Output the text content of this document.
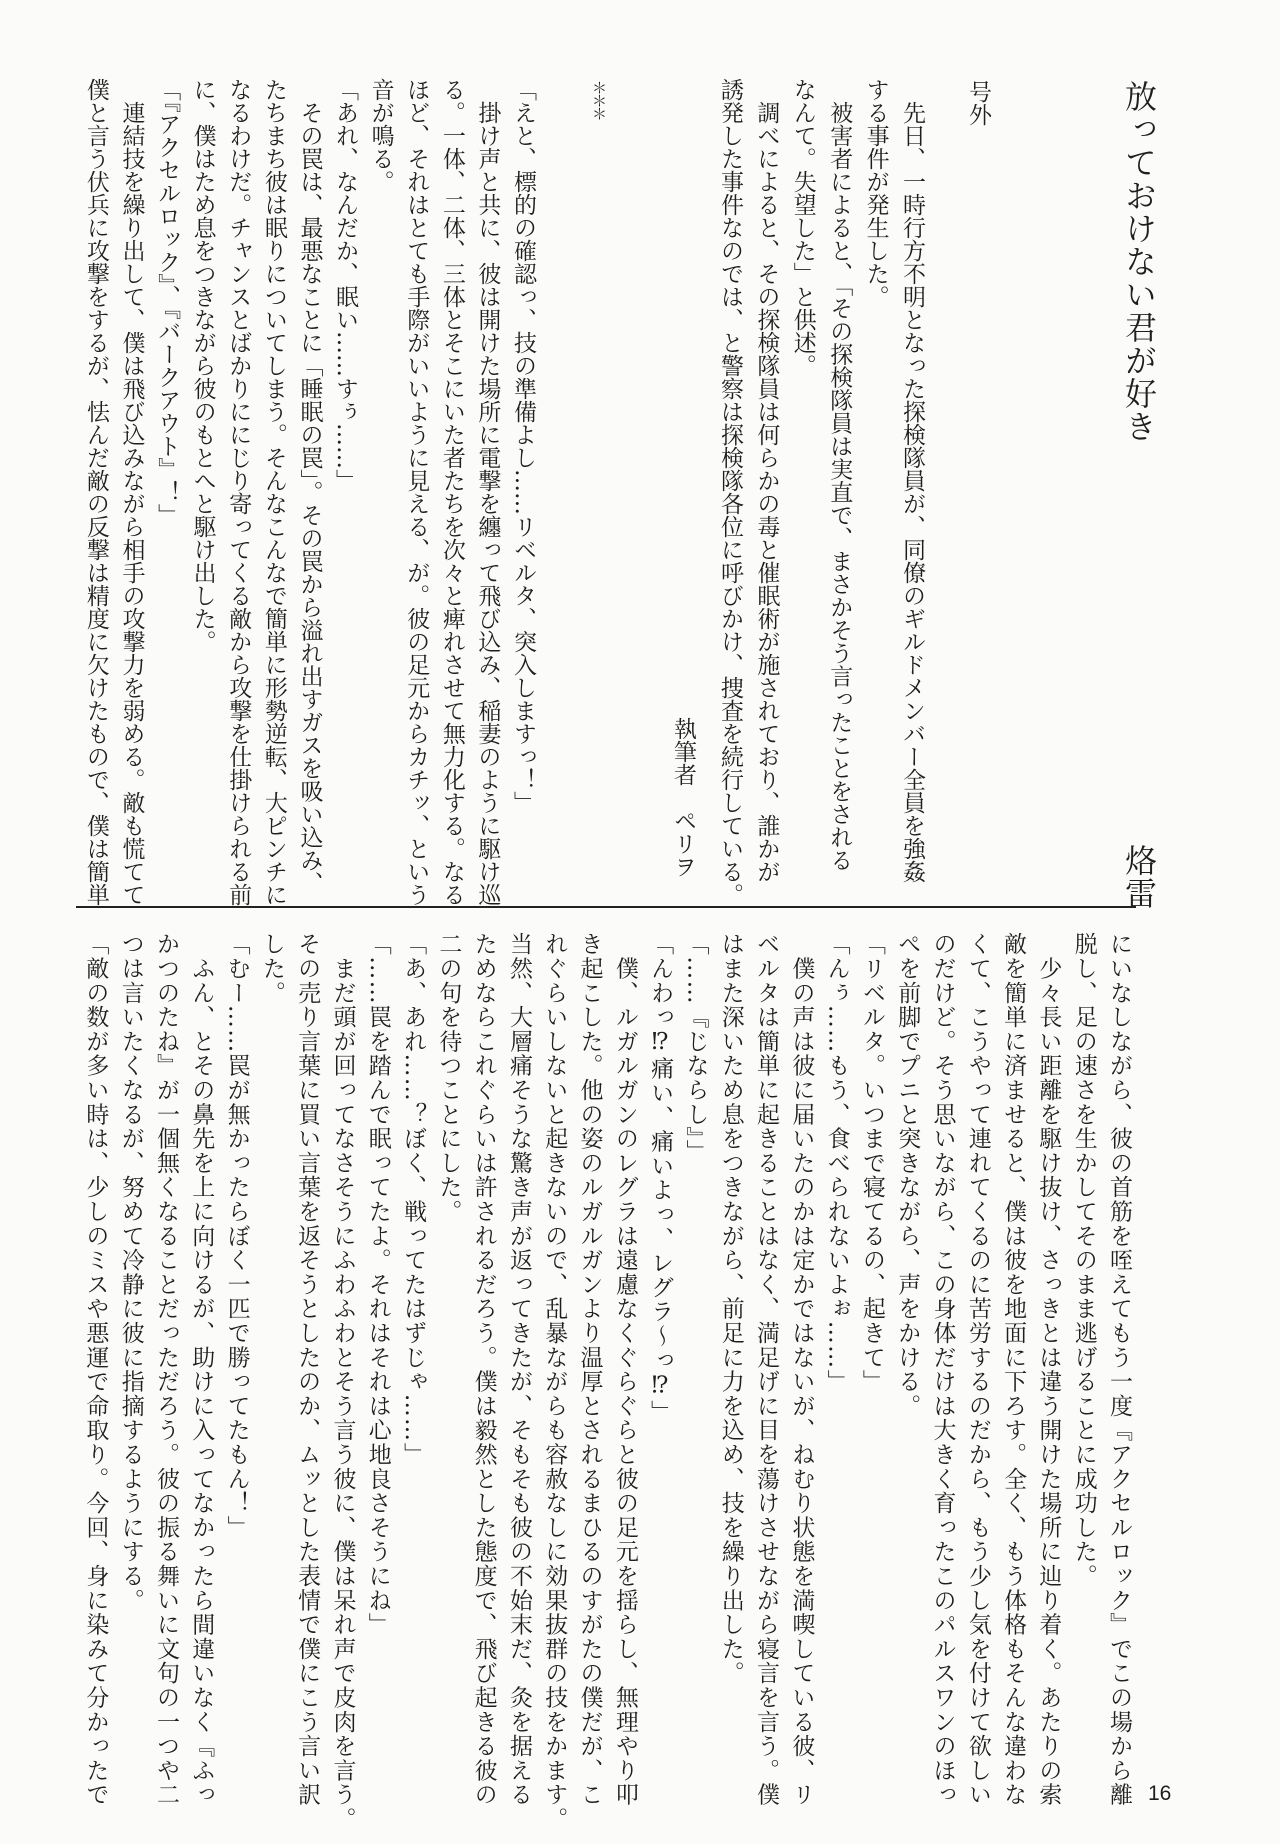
放っておけない君が好き
烙雷
号外
　先日、一時行方不明となった探検隊員が、同僚のギルドメンバー全員を強姦
する事件が発生した。
　被害者によると、「その探検隊員は実直で、まさかそう言ったことをされる
なんて。失望した」と供述。
　調べによると、その探検隊員は何らかの毒と催眠術が施されており、誰かが
誘発した事件なのでは、と警察は探検隊各位に呼びかけ、捜査を続行している。
執筆者　ペリヲ
＊＊＊
「えと、標的の確認っ、技の準備よし……リベルタ、突入しますっ！」
　掛け声と共に、彼は開けた場所に電撃を纏って飛び込み、稲妻のように駆け巡
る。一体、二体、三体とそこにいた者たちを次々と痺れさせて無力化する。なる
ほど、それはとても手際がいいように見える、が。彼の足元からカチッ、という
音が鳴る。
「あれ、なんだか、眠い……すぅ……」
　その罠は、最悪なことに「睡眠の罠」。その罠から溢れ出すガスを吸い込み、
たちまち彼は眠りについてしまう。そんなこんなで簡単に形勢逆転、大ピンチに
なるわけだ。チャンスとばかりににじり寄ってくる敵から攻撃を仕掛けられる前
に、僕はため息をつきながら彼のもとへと駆け出した。
「『アクセルロック』、『バークアウト』！」
　連結技を繰り出して、僕は飛び込みながら相手の攻撃力を弱める。敵も慌てて
僕と言う伏兵に攻撃をするが、怯んだ敵の反撃は精度に欠けたもので、僕は簡単
にいなしながら、彼の首筋を咥えてもう一度『アクセルロック』でこの場から離
脱し、足の速さを生かしてそのまま逃げることに成功した。
　少々長い距離を駆け抜け、さっきとは違う開けた場所に辿り着く。あたりの索
敵を簡単に済ませると、僕は彼を地面に下ろす。全く、もう体格もそんな違わな
くて、こうやって連れてくるのに苦労するのだから、もう少し気を付けて欲しい
のだけど。そう思いながら、この身体だけは大きく育ったこのパルスワンのほっ
ぺを前脚でプニと突きながら、声をかける。
「リベルタ。いつまで寝てるの、起きて」
「んぅ……もう、食べられないよぉ……」
　僕の声は彼に届いたのかは定かではないが、ねむり状態を満喫している彼、リ
ベルタは簡単に起きることはなく、満足げに目を蕩けさせながら寝言を言う。僕
はまた深いため息をつきながら、前足に力を込め、技を繰り出した。
「……『じならし』」
「んわっ⁉痛い、痛いよっ、レグラ～っ⁉」
　僕、ルガルガンのレグラは遠慮なくぐらぐらと彼の足元を揺らし、無理やり叩
き起こした。他の姿のルガルガンより温厚とされるまひるのすがたの僕だが、こ
れぐらいしないと起きないので、乱暴ながらも容赦なしに効果抜群の技をかます。
当然、大層痛そうな驚き声が返ってきたが、そもそも彼の不始末だ、灸を据える
ためならこれぐらいは許されるだろう。僕は毅然とした態度で、飛び起きる彼の
二の句を待つことにした。
「あ、あれ……？ぼく、戦ってたはずじゃ……」
「……罠を踏んで眠ってたよ。それはそれは心地良さそうにね」
　まだ頭が回ってなさそうにふわふわとそう言う彼に、僕は呆れ声で皮肉を言う。
その売り言葉に買い言葉を返そうとしたのか、ムッとした表情で僕にこう言い訳
した。
「むー……罠が無かったらぼく一匹で勝ってたもん！」
　ふん、とその鼻先を上に向けるが、助けに入ってなかったら間違いなく『ふっ
かつのたね』が一個無くなることだっただろう。彼の振る舞いに文句の一つや二
つは言いたくなるが、努めて冷静に彼に指摘するようにする。
「敵の数が多い時は、少しのミスや悪運で命取り。今回、身に染みて分かったで	16
